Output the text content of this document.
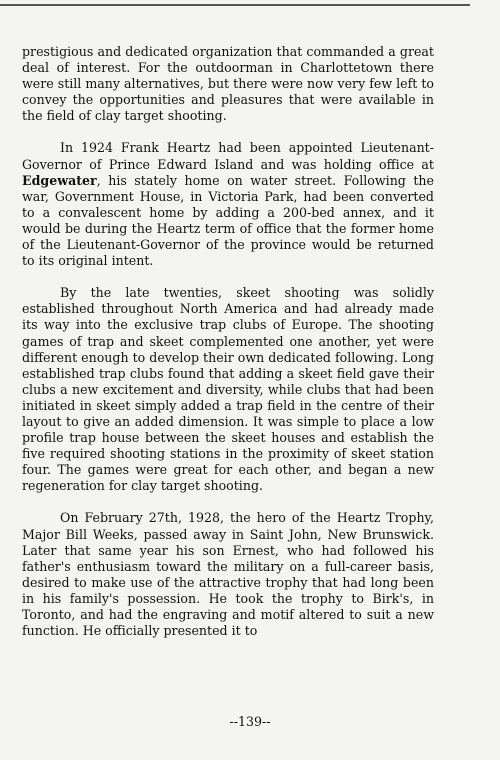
prestigious and dedicated organization that commanded a great deal of interest. For the outdoorman in Charlottetown there were still many alternatives, but there were now very few left to convey the opportunities and pleasures that were available in the field of clay target shooting.

In 1924 Frank Heartz had been appointed Lieutenant-Governor of Prince Edward Island and was holding office at Edgewater, his stately home on water street. Following the war, Government House, in Victoria Park, had been converted to a convalescent home by adding a 200-bed annex, and it would be during the Heartz term of office that the former home of the Lieutenant-Governor of the province would be returned to its original intent.

By the late twenties, skeet shooting was solidly established throughout North America and had already made its way into the exclusive trap clubs of Europe. The shooting games of trap and skeet complemented one another, yet were different enough to develop their own dedicated following. Long established trap clubs found that adding a skeet field gave their clubs a new excitement and diversity, while clubs that had been initiated in skeet simply added a trap field in the centre of their layout to give an added dimension. It was simple to place a low profile trap house between the skeet houses and establish the five required shooting stations in the proximity of skeet station four. The games were great for each other, and began a new regeneration for clay target shooting.

On February 27th, 1928, the hero of the Heartz Trophy, Major Bill Weeks, passed away in Saint John, New Brunswick. Later that same year his son Ernest, who had followed his father's enthusiasm toward the military on a full-career basis, desired to make use of the attractive trophy that had long been in his family's possession. He took the trophy to Birk's, in Toronto, and had the engraving and motif altered to suit a new function. He officially presented it to

--139--
